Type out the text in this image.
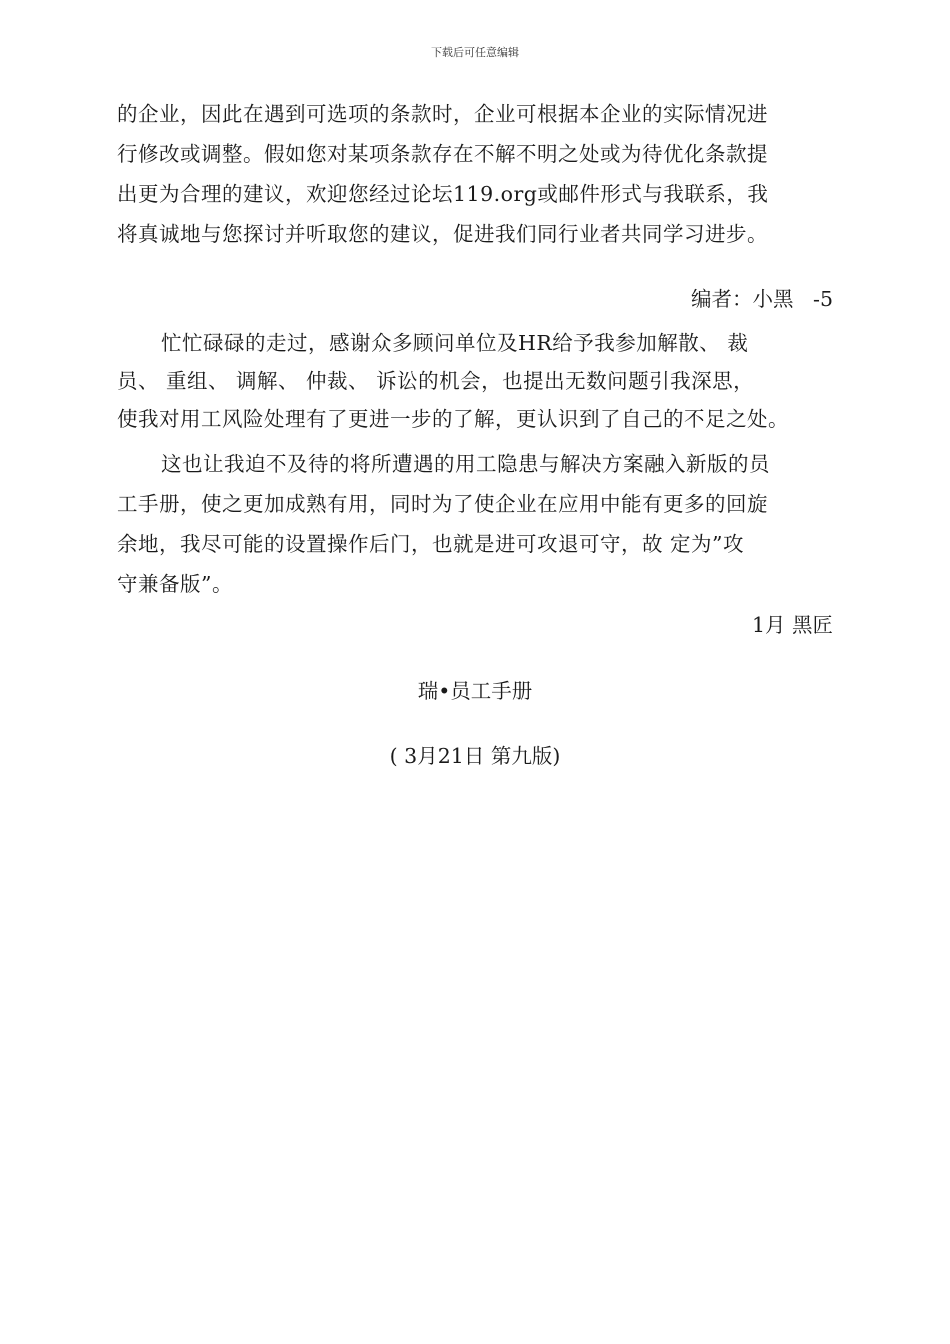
下载后可任意编辑
的企业，因此在遇到可选项的条款时，企业可根据本企业的实际情况进
行修改或调整。假如您对某项条款存在不解不明之处或为待优化条款提
出更为合理的建议，欢迎您经过论坛119.org或邮件形式与我联系，我
将真诚地与您探讨并听取您的建议，促进我们同行业者共同学习进步。
编者：小黑   -5
忙忙碌碌的走过，感谢众多顾问单位及HR给予我参加解散、 裁
员、 重组、 调解、 仲裁、 诉讼的机会，也提出无数问题引我深思，
使我对用工风险处理有了更进一步的了解，更认识到了自己的不足之处。
这也让我迫不及待的将所遭遇的用工隐患与解决方案融入新版的员
工手册，使之更加成熟有用，同时为了使企业在应用中能有更多的回旋
余地，我尽可能的设置操作后门，也就是进可攻退可守，故 定为”攻
守兼备版”。
1月 黑匠
瑞•员工手册
( 3月21日 第九版)
